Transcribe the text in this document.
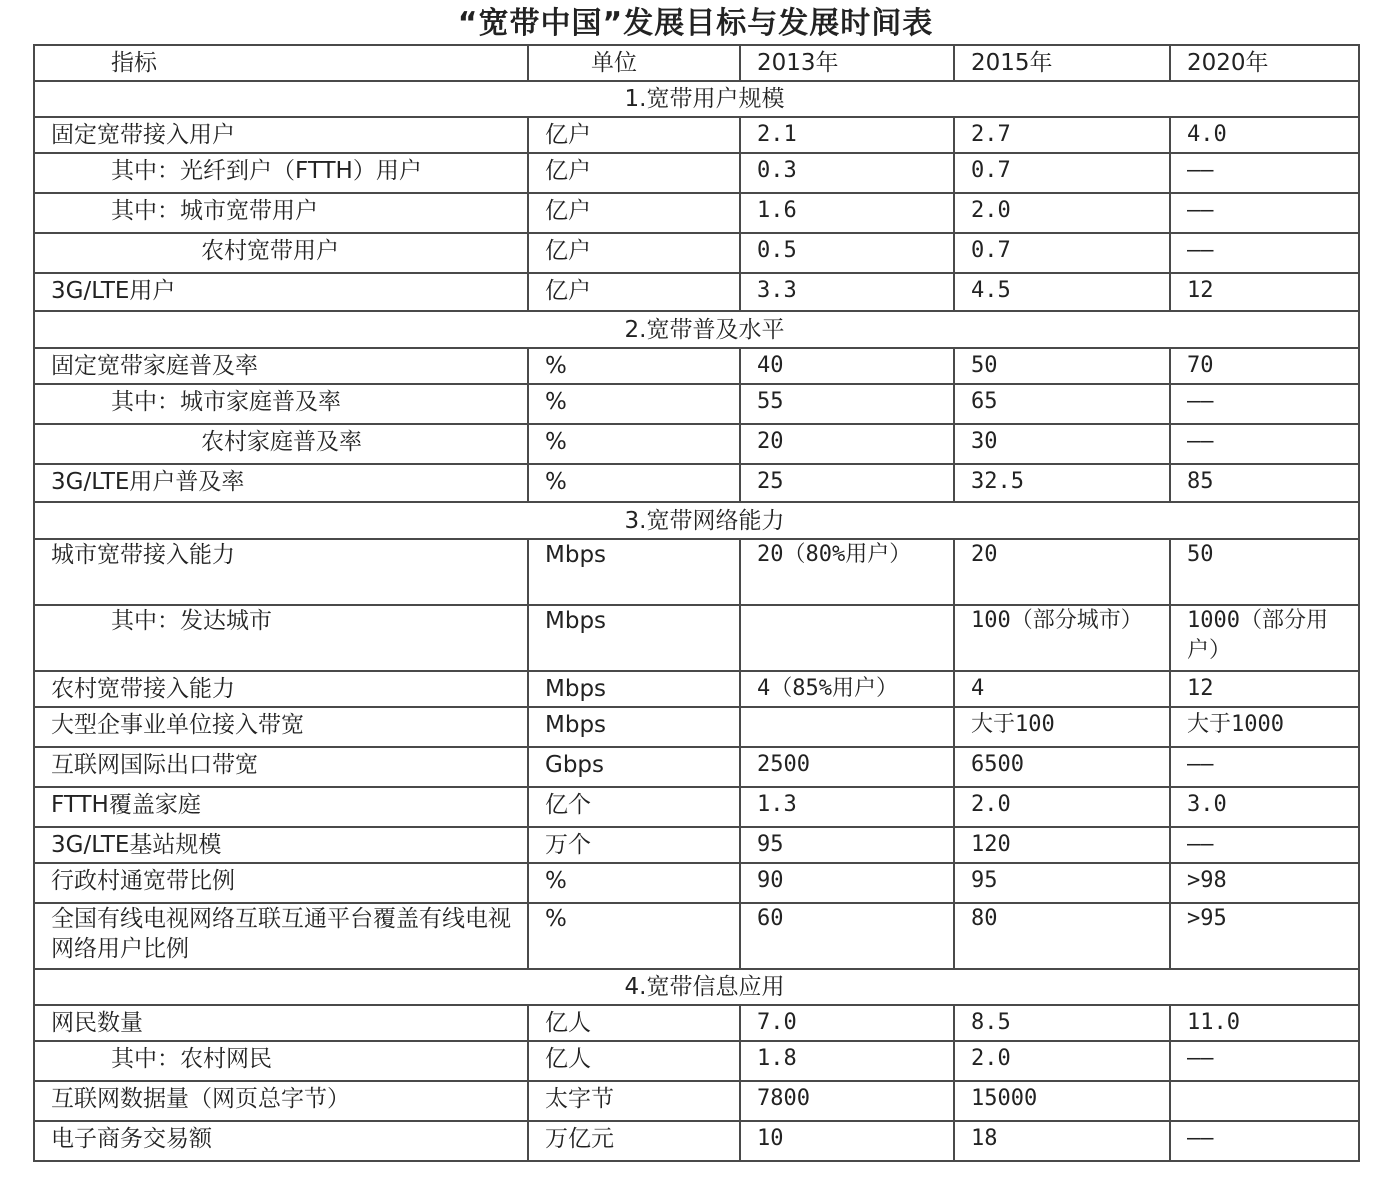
“宽带中国”发展目标与发展时间表
指标	单位	2013年	2015年	2020年
1.宽带用户规模				
固定宽带接入用户	亿户	2.1	2.7	4.0
其中：光纤到户（FTTH）用户	亿户	0.3	0.7	——
其中：城市宽带用户	亿户	1.6	2.0	——
农村宽带用户	亿户	0.5	0.7	——
3G/LTE用户	亿户	3.3	4.5	12
2.宽带普及水平				
固定宽带家庭普及率	%	40	50	70
其中：城市家庭普及率	%	55	65	——
农村家庭普及率	%	20	30	——
3G/LTE用户普及率	%	25	32.5	85
3.宽带网络能力				
城市宽带接入能力	Mbps	20（80%用户）	20	50
其中：发达城市	Mbps		100（部分城市）	1000（部分用户）
农村宽带接入能力	Mbps	4（85%用户）	4	12
大型企事业单位接入带宽	Mbps		大于100	大于1000
互联网国际出口带宽	Gbps	2500	6500	——
FTTH覆盖家庭	亿个	1.3	2.0	3.0
3G/LTE基站规模	万个	95	120	——
行政村通宽带比例	%	90	95	>98
全国有线电视网络互联互通平台覆盖有线电视网络用户比例	%	60	80	>95
4.宽带信息应用				
网民数量	亿人	7.0	8.5	11.0
其中：农村网民	亿人	1.8	2.0	——
互联网数据量（网页总字节）	太字节	7800	15000	
电子商务交易额	万亿元	10	18	——
